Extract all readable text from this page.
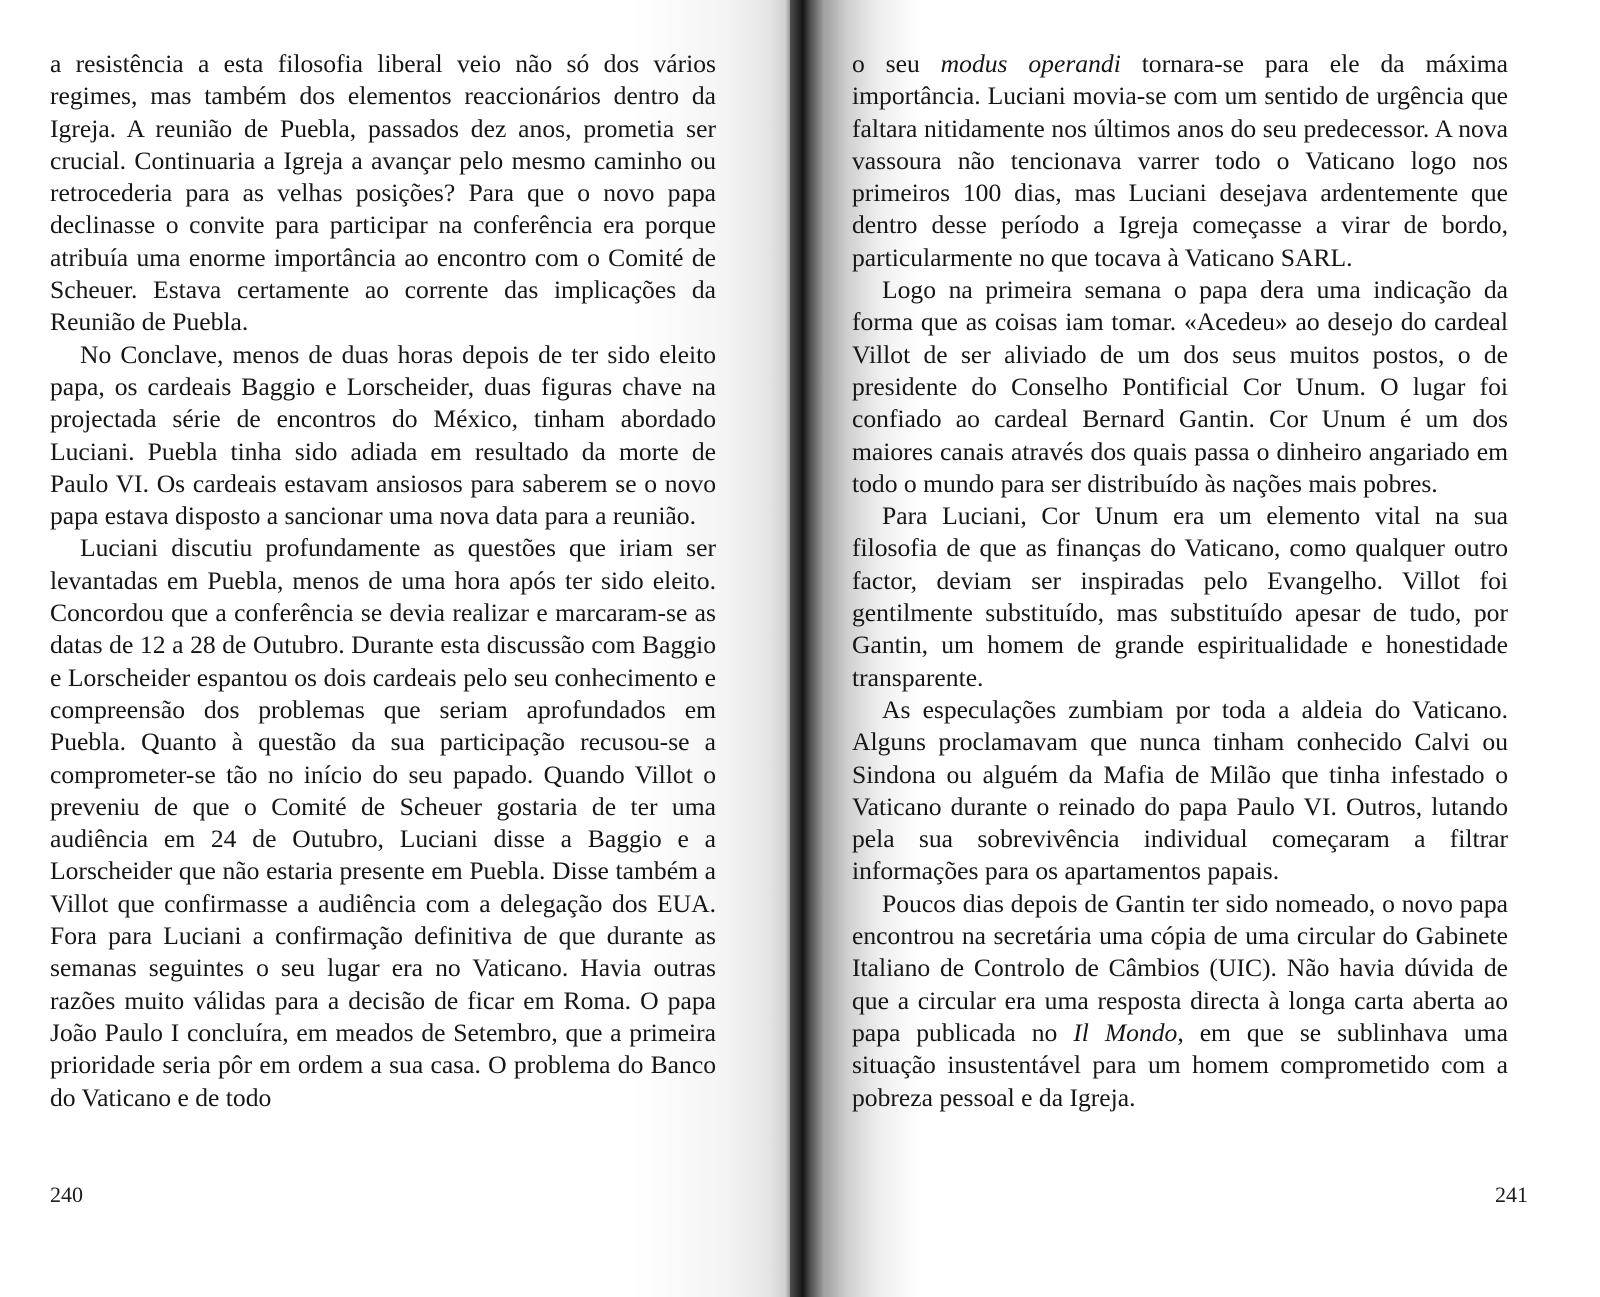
a resistência a esta filosofia liberal veio não só dos vários regimes, mas também dos elementos reaccionários dentro da Igreja. A reunião de Puebla, passados dez anos, prometia ser crucial. Continuaria a Igreja a avançar pelo mesmo caminho ou retrocederia para as velhas posições? Para que o novo papa declinasse o convite para participar na conferência era porque atribuía uma enorme importância ao encontro com o Comité de Scheuer. Estava certamente ao corrente das implicações da Reunião de Puebla.

No Conclave, menos de duas horas depois de ter sido eleito papa, os cardeais Baggio e Lorscheider, duas figuras chave na projectada série de encontros do México, tinham abordado Luciani. Puebla tinha sido adiada em resultado da morte de Paulo VI. Os cardeais estavam ansiosos para saberem se o novo papa estava disposto a sancionar uma nova data para a reunião.

Luciani discutiu profundamente as questões que iriam ser levantadas em Puebla, menos de uma hora após ter sido eleito. Concordou que a conferência se devia realizar e marcaram-se as datas de 12 a 28 de Outubro. Durante esta discussão com Baggio e Lorscheider espantou os dois cardeais pelo seu conhecimento e compreensão dos problemas que seriam aprofundados em Puebla. Quanto à questão da sua participação recusou-se a comprometer-se tão no início do seu papado. Quando Villot o preveniu de que o Comité de Scheuer gostaria de ter uma audiência em 24 de Outubro, Luciani disse a Baggio e a Lorscheider que não estaria presente em Puebla. Disse também a Villot que confirmasse a audiência com a delegação dos EUA. Fora para Luciani a confirmação definitiva de que durante as semanas seguintes o seu lugar era no Vaticano. Havia outras razões muito válidas para a decisão de ficar em Roma. O papa João Paulo I concluíra, em meados de Setembro, que a primeira prioridade seria pôr em ordem a sua casa. O problema do Banco do Vaticano e de todo

240

o seu modus operandi tornara-se para ele da máxima importância. Luciani movia-se com um sentido de urgência que faltara nitidamente nos últimos anos do seu predecessor. A nova vassoura não tencionava varrer todo o Vaticano logo nos primeiros 100 dias, mas Luciani desejava ardentemente que dentro desse período a Igreja começasse a virar de bordo, particularmente no que tocava à Vaticano SARL.

Logo na primeira semana o papa dera uma indicação da forma que as coisas iam tomar. «Acedeu» ao desejo do cardeal Villot de ser aliviado de um dos seus muitos postos, o de presidente do Conselho Pontificial Cor Unum. O lugar foi confiado ao cardeal Bernard Gantin. Cor Unum é um dos maiores canais através dos quais passa o dinheiro angariado em todo o mundo para ser distribuído às nações mais pobres.

Para Luciani, Cor Unum era um elemento vital na sua filosofia de que as finanças do Vaticano, como qualquer outro factor, deviam ser inspiradas pelo Evangelho. Villot foi gentilmente substituído, mas substituído apesar de tudo, por Gantin, um homem de grande espiritualidade e honestidade transparente.

As especulações zumbiam por toda a aldeia do Vaticano. Alguns proclamavam que nunca tinham conhecido Calvi ou Sindona ou alguém da Mafia de Milão que tinha infestado o Vaticano durante o reinado do papa Paulo VI. Outros, lutando pela sua sobrevivência individual começaram a filtrar informações para os apartamentos papais.

Poucos dias depois de Gantin ter sido nomeado, o novo papa encontrou na secretária uma cópia de uma circular do Gabinete Italiano de Controlo de Câmbios (UIC). Não havia dúvida de que a circular era uma resposta directa à longa carta aberta ao papa publicada no Il Mondo, em que se sublinhava uma situação insustentável para um homem comprometido com a pobreza pessoal e da Igreja.

241
